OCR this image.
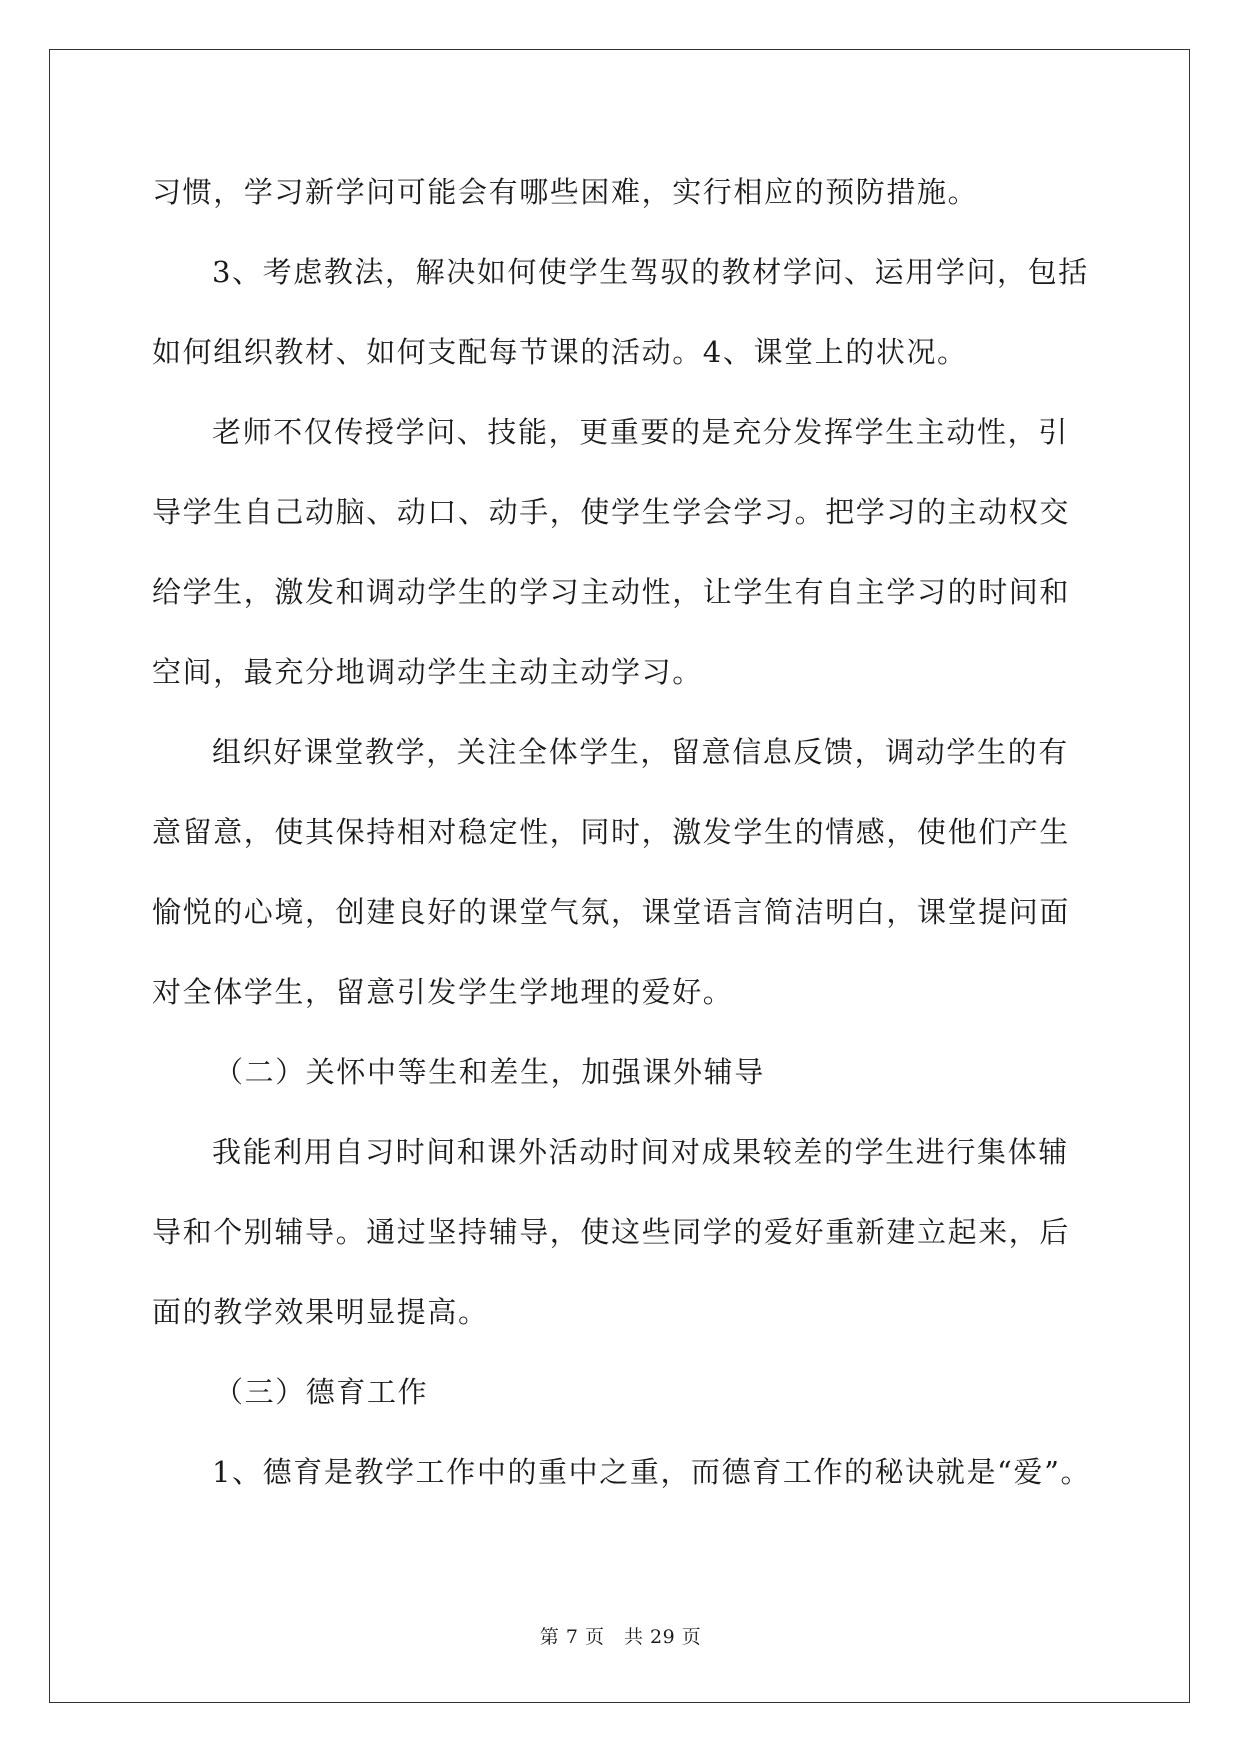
习惯，学习新学问可能会有哪些困难，实行相应的预防措施。
3、考虑教法，解决如何使学生驾驭的教材学问、运用学问，包括
如何组织教材、如何支配每节课的活动。4、课堂上的状况。
老师不仅传授学问、技能，更重要的是充分发挥学生主动性，引
导学生自己动脑、动口、动手，使学生学会学习。把学习的主动权交
给学生，激发和调动学生的学习主动性，让学生有自主学习的时间和
空间，最充分地调动学生主动主动学习。
组织好课堂教学，关注全体学生，留意信息反馈，调动学生的有
意留意，使其保持相对稳定性，同时，激发学生的情感，使他们产生
愉悦的心境，创建良好的课堂气氛，课堂语言简洁明白，课堂提问面
对全体学生，留意引发学生学地理的爱好。
（二）关怀中等生和差生，加强课外辅导
我能利用自习时间和课外活动时间对成果较差的学生进行集体辅
导和个别辅导。通过坚持辅导，使这些同学的爱好重新建立起来，后
面的教学效果明显提高。
（三）德育工作
1、德育是教学工作中的重中之重，而德育工作的秘诀就是“爱”。
第 7 页　共 29 页
